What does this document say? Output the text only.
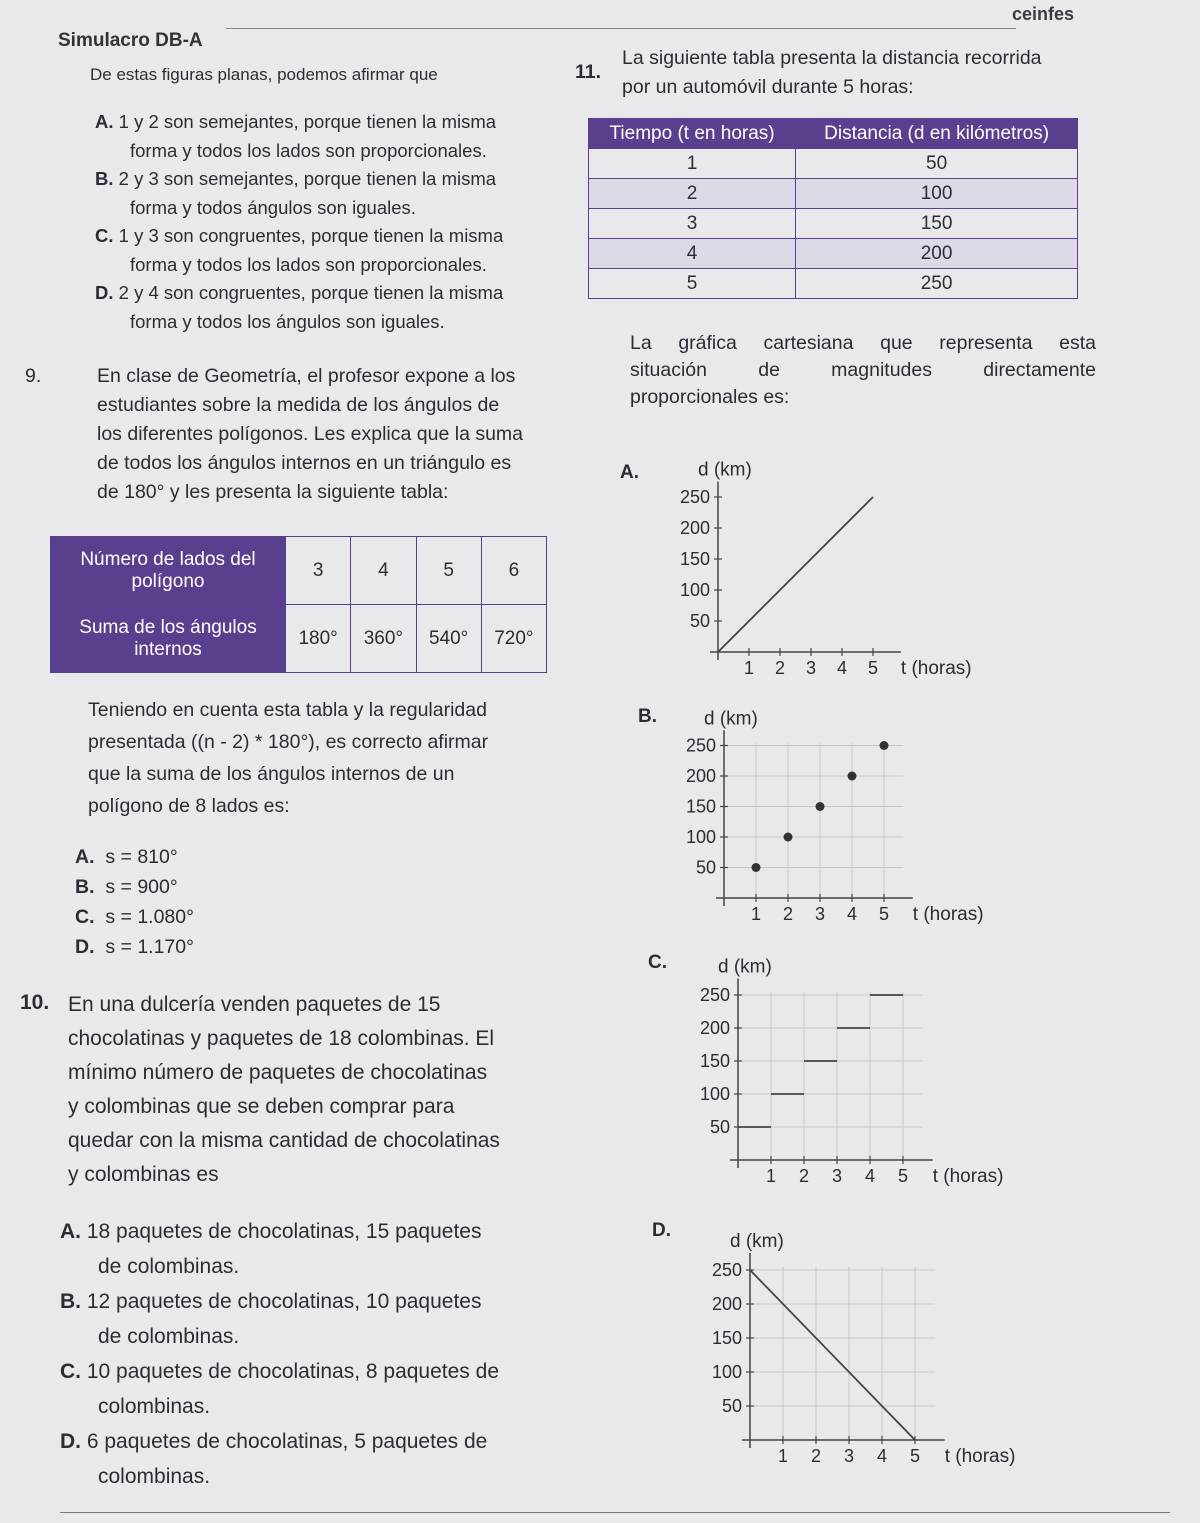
ceinfes
Simulacro DB-A
De estas figuras planas, podemos afirmar que
A. 1 y 2 son semejantes, porque tienen la misma
forma y todos los lados son proporcionales.
B. 2 y 3 son semejantes, porque tienen la misma
forma y todos ángulos son iguales.
C. 1 y 3 son congruentes, porque tienen la misma
forma y todos los lados son proporcionales.
D. 2 y 4 son congruentes, porque tienen la misma
forma y todos los ángulos son iguales.
9.	En clase de Geometría, el profesor expone a los
estudiantes sobre la medida de los ángulos de
los diferentes polígonos. Les explica que la suma
de todos los ángulos internos en un triángulo es
de 180° y les presenta la siguiente tabla:
Número de lados del polígono	3	4	5	6
Suma de los ángulos internos	180°	360°	540°	720°
Teniendo en cuenta esta tabla y la regularidad
presentada ((n - 2) * 180°), es correcto afirmar
que la suma de los ángulos internos de un
polígono de 8 lados es:
A. s = 810°
B. s = 900°
C. s = 1.080°
D. s = 1.170°
10. En una dulcería venden paquetes de 15
chocolatinas y paquetes de 18 colombinas. El
mínimo número de paquetes de chocolatinas
y colombinas que se deben comprar para
quedar con la misma cantidad de chocolatinas
y colombinas es
A. 18 paquetes de chocolatinas, 15 paquetes
de colombinas.
B. 12 paquetes de chocolatinas, 10 paquetes
de colombinas.
C. 10 paquetes de chocolatinas, 8 paquetes de
colombinas.
D. 6 paquetes de chocolatinas, 5 paquetes de
colombinas.
11.
La siguiente tabla presenta la distancia recorrida
por un automóvil durante 5 horas:
Tiempo (t en horas)	Distancia (d en kilómetros)
1	50
2	100
3	150
4	200
5	250
La gráfica cartesiana que representa esta
situación de magnitudes directamente
proporcionales es:
A.	d (km)
t (horas)
50
100
150
200
250
1 2 3 4 5
B. d (km)
t (horas)
50
100
150
200
250
1 2 3 4 5
C.	d (km)
t (horas)
50
100
150
200
250
1 2 3 4 5
D.
d (km)
t (horas)
50
100
150
200
250
1 2 3 4 5
